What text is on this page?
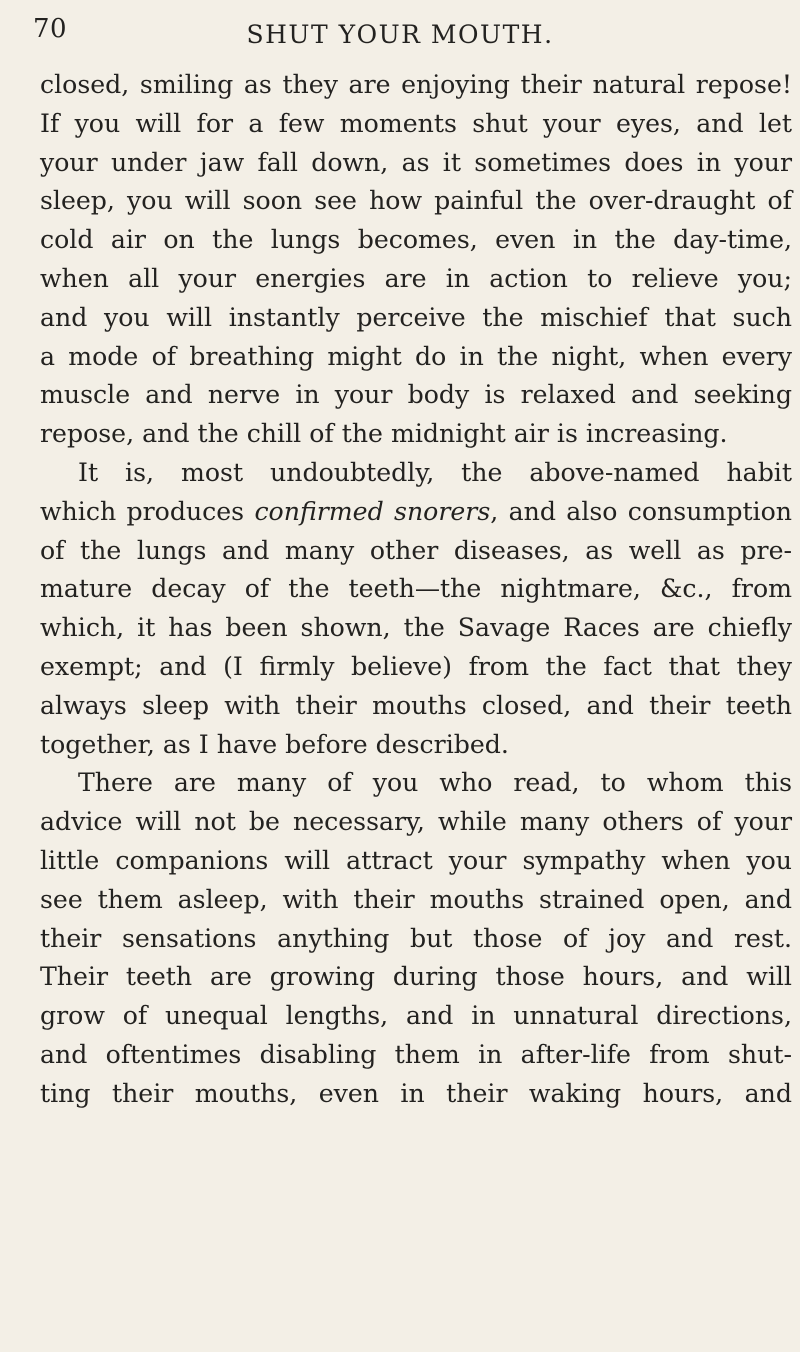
70	SHUT YOUR MOUTH.
closed, smiling as they are enjoying their natural repose!
If you will for a few moments shut your eyes, and let
your under jaw fall down, as it sometimes does in your
sleep, you will soon see how painful the over-draught of
cold air on the lungs becomes, even in the day-time,
when all your energies are in action to relieve you;
and you will instantly perceive the mischief that such
a mode of breathing might do in the night, when every
muscle and nerve in your body is relaxed and seeking
repose, and the chill of the midnight air is increasing.
It is, most undoubtedly, the above-named habit
which produces confirmed snorers, and also consumption
of the lungs and many other diseases, as well as pre-
mature decay of the teeth—the nightmare, &c., from
which, it has been shown, the Savage Races are chiefly
exempt; and (I firmly believe) from the fact that they
always sleep with their mouths closed, and their teeth
together, as I have before described.
There are many of you who read, to whom this
advice will not be necessary, while many others of your
little companions will attract your sympathy when you
see them asleep, with their mouths strained open, and
their sensations anything but those of joy and rest.
Their teeth are growing during those hours, and will
grow of unequal lengths, and in unnatural directions,
and oftentimes disabling them in after-life from shut-
ting their mouths, even in their waking hours, and
